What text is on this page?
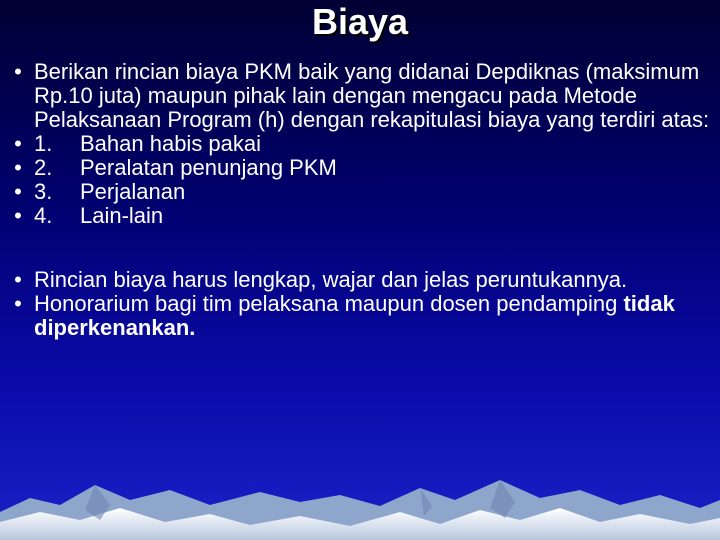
Biaya

• Berikan rincian biaya PKM baik yang didanai Depdiknas (maksimum Rp.10 juta) maupun pihak lain dengan mengacu pada Metode Pelaksanaan Program (h) dengan rekapitulasi biaya yang terdiri atas:

• 1. Bahan habis pakai

• 2. Peralatan penunjang PKM

• 3. Perjalanan

• 4. Lain-lain

• Rincian biaya harus lengkap, wajar dan jelas peruntukannya.

• Honorarium bagi tim pelaksana maupun dosen pendamping tidak diperkenankan.
